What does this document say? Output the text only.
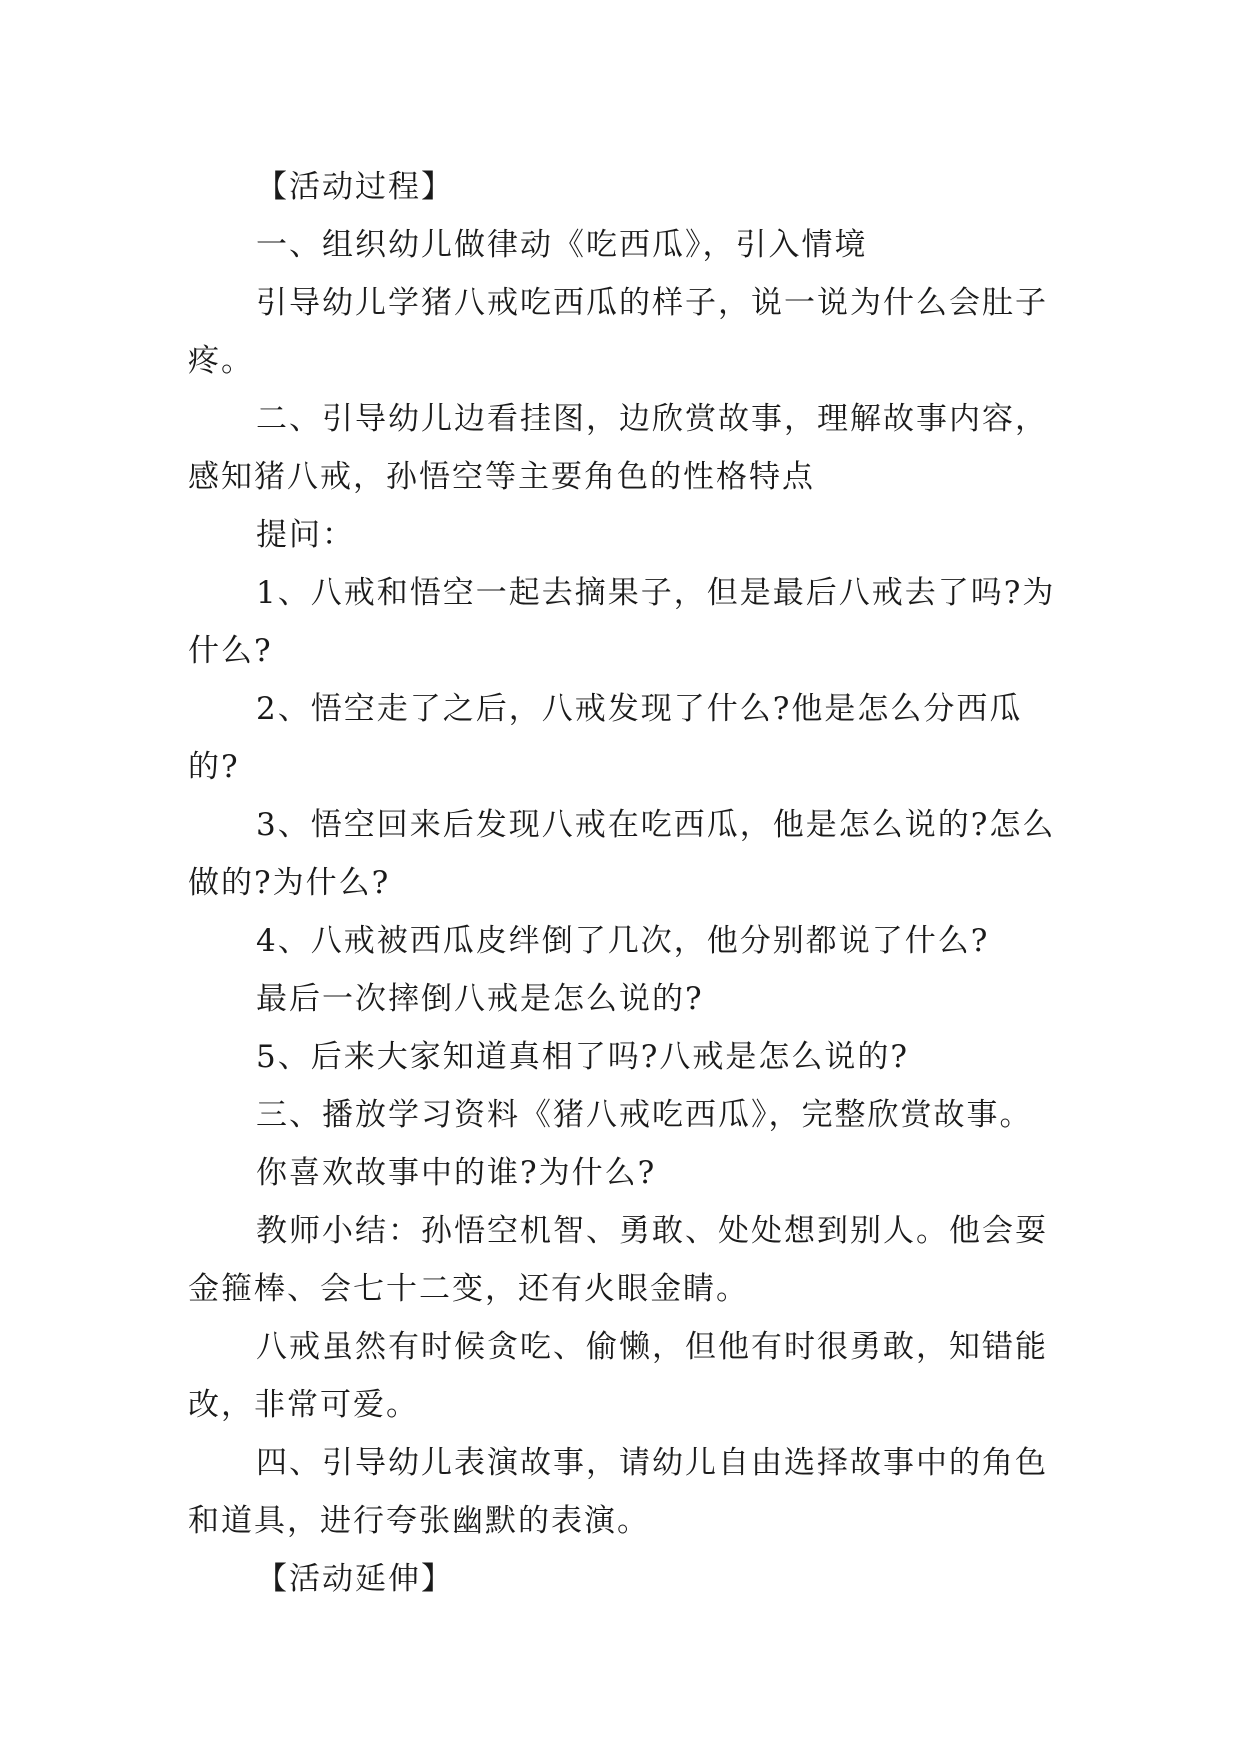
【活动过程】

一、组织幼儿做律动《吃西瓜》，引入情境

引导幼儿学猪八戒吃西瓜的样子，说一说为什么会肚子疼。

二、引导幼儿边看挂图，边欣赏故事，理解故事内容，感知猪八戒，孙悟空等主要角色的性格特点

提问：

1、八戒和悟空一起去摘果子，但是最后八戒去了吗?为什么?

2、悟空走了之后，八戒发现了什么?他是怎么分西瓜的?

3、悟空回来后发现八戒在吃西瓜，他是怎么说的?怎么做的?为什么?

4、八戒被西瓜皮绊倒了几次，他分别都说了什么?

最后一次摔倒八戒是怎么说的?

5、后来大家知道真相了吗?八戒是怎么说的?

三、播放学习资料《猪八戒吃西瓜》，完整欣赏故事。

你喜欢故事中的谁?为什么?

教师小结：孙悟空机智、勇敢、处处想到别人。他会耍金箍棒、会七十二变，还有火眼金睛。

八戒虽然有时候贪吃、偷懒，但他有时很勇敢，知错能改，非常可爱。

四、引导幼儿表演故事，请幼儿自由选择故事中的角色和道具，进行夸张幽默的表演。

【活动延伸】
